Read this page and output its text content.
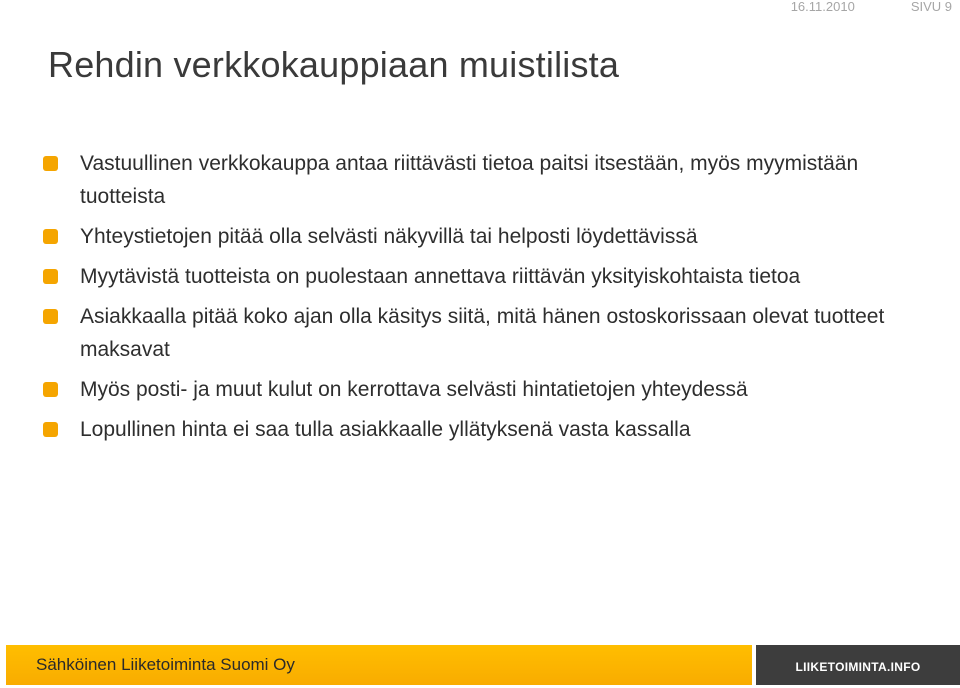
16.11.2010	SIVU 9
Rehdin verkkokauppiaan muistilista
Vastuullinen verkkokauppa antaa riittävästi tietoa paitsi itsestään, myös myymistään tuotteista
Yhteystietojen pitää olla selvästi näkyvillä tai helposti löydettävissä
Myytävistä tuotteista on puolestaan annettava riittävän yksityiskohtaista tietoa
Asiakkaalla pitää koko ajan olla käsitys siitä, mitä hänen ostoskorissaan olevat tuotteet maksavat
Myös posti- ja muut kulut on kerrottava selvästi hintatietojen yhteydessä
Lopullinen hinta ei saa tulla asiakkaalle yllätyksenä vasta kassalla
Sähköinen Liiketoiminta Suomi Oy	LIIKETOIMINTA.INFO
